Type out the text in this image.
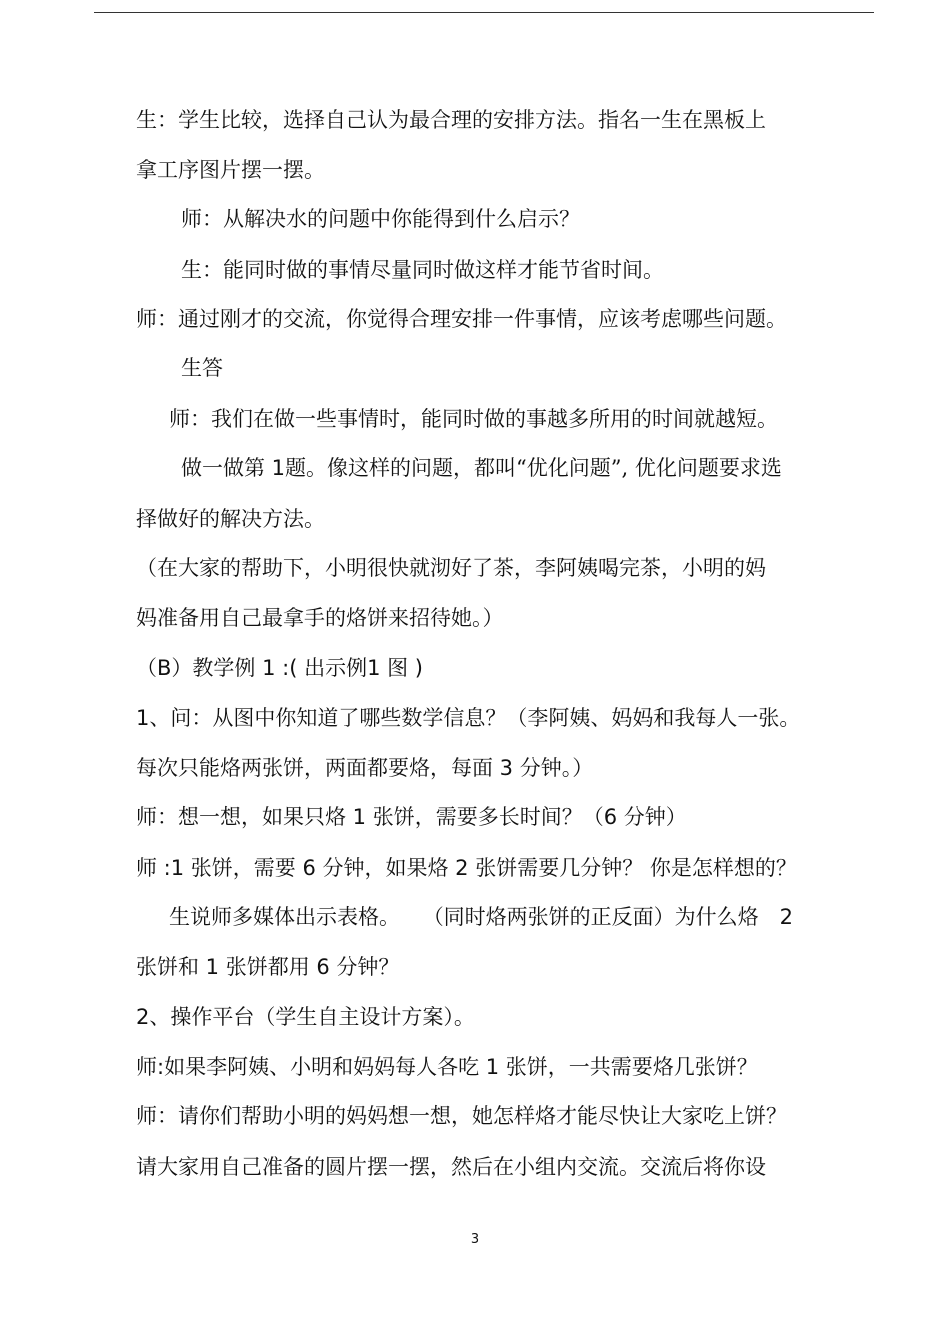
生：学生比较，选择自己认为最合理的安排方法。指名一生在黑板上
拿工序图片摆一摆。
师：从解决水的问题中你能得到什么启示？
生：能同时做的事情尽量同时做这样才能节省时间。
师：通过刚才的交流，你觉得合理安排一件事情，应该考虑哪些问题。
生答
师：我们在做一些事情时，能同时做的事越多所用的时间就越短。
做一做第 1题。像这样的问题，都叫“优化问题”, 优化问题要求选
择做好的解决方法。
（在大家的帮助下，小明很快就沏好了茶，李阿姨喝完茶，小明的妈
妈准备用自己最拿手的烙饼来招待她。）
（B）教学例 1 :( 出示例1 图 )
1、问：从图中你知道了哪些数学信息？（李阿姨、妈妈和我每人一张。
每次只能烙两张饼，两面都要烙，每面 3 分钟。）
师：想一想，如果只烙 1 张饼，需要多长时间？（6 分钟）
师 :1 张饼，需要 6 分钟，如果烙 2 张饼需要几分钟？ 你是怎样想的？
生说师多媒体出示表格。 （同时烙两张饼的正反面）为什么烙　2
张饼和 1 张饼都用 6 分钟？
2、操作平台（学生自主设计方案）。
师:如果李阿姨、小明和妈妈每人各吃 1 张饼，一共需要烙几张饼？
师：请你们帮助小明的妈妈想一想，她怎样烙才能尽快让大家吃上饼？
请大家用自己准备的圆片摆一摆，然后在小组内交流。交流后将你设
3
